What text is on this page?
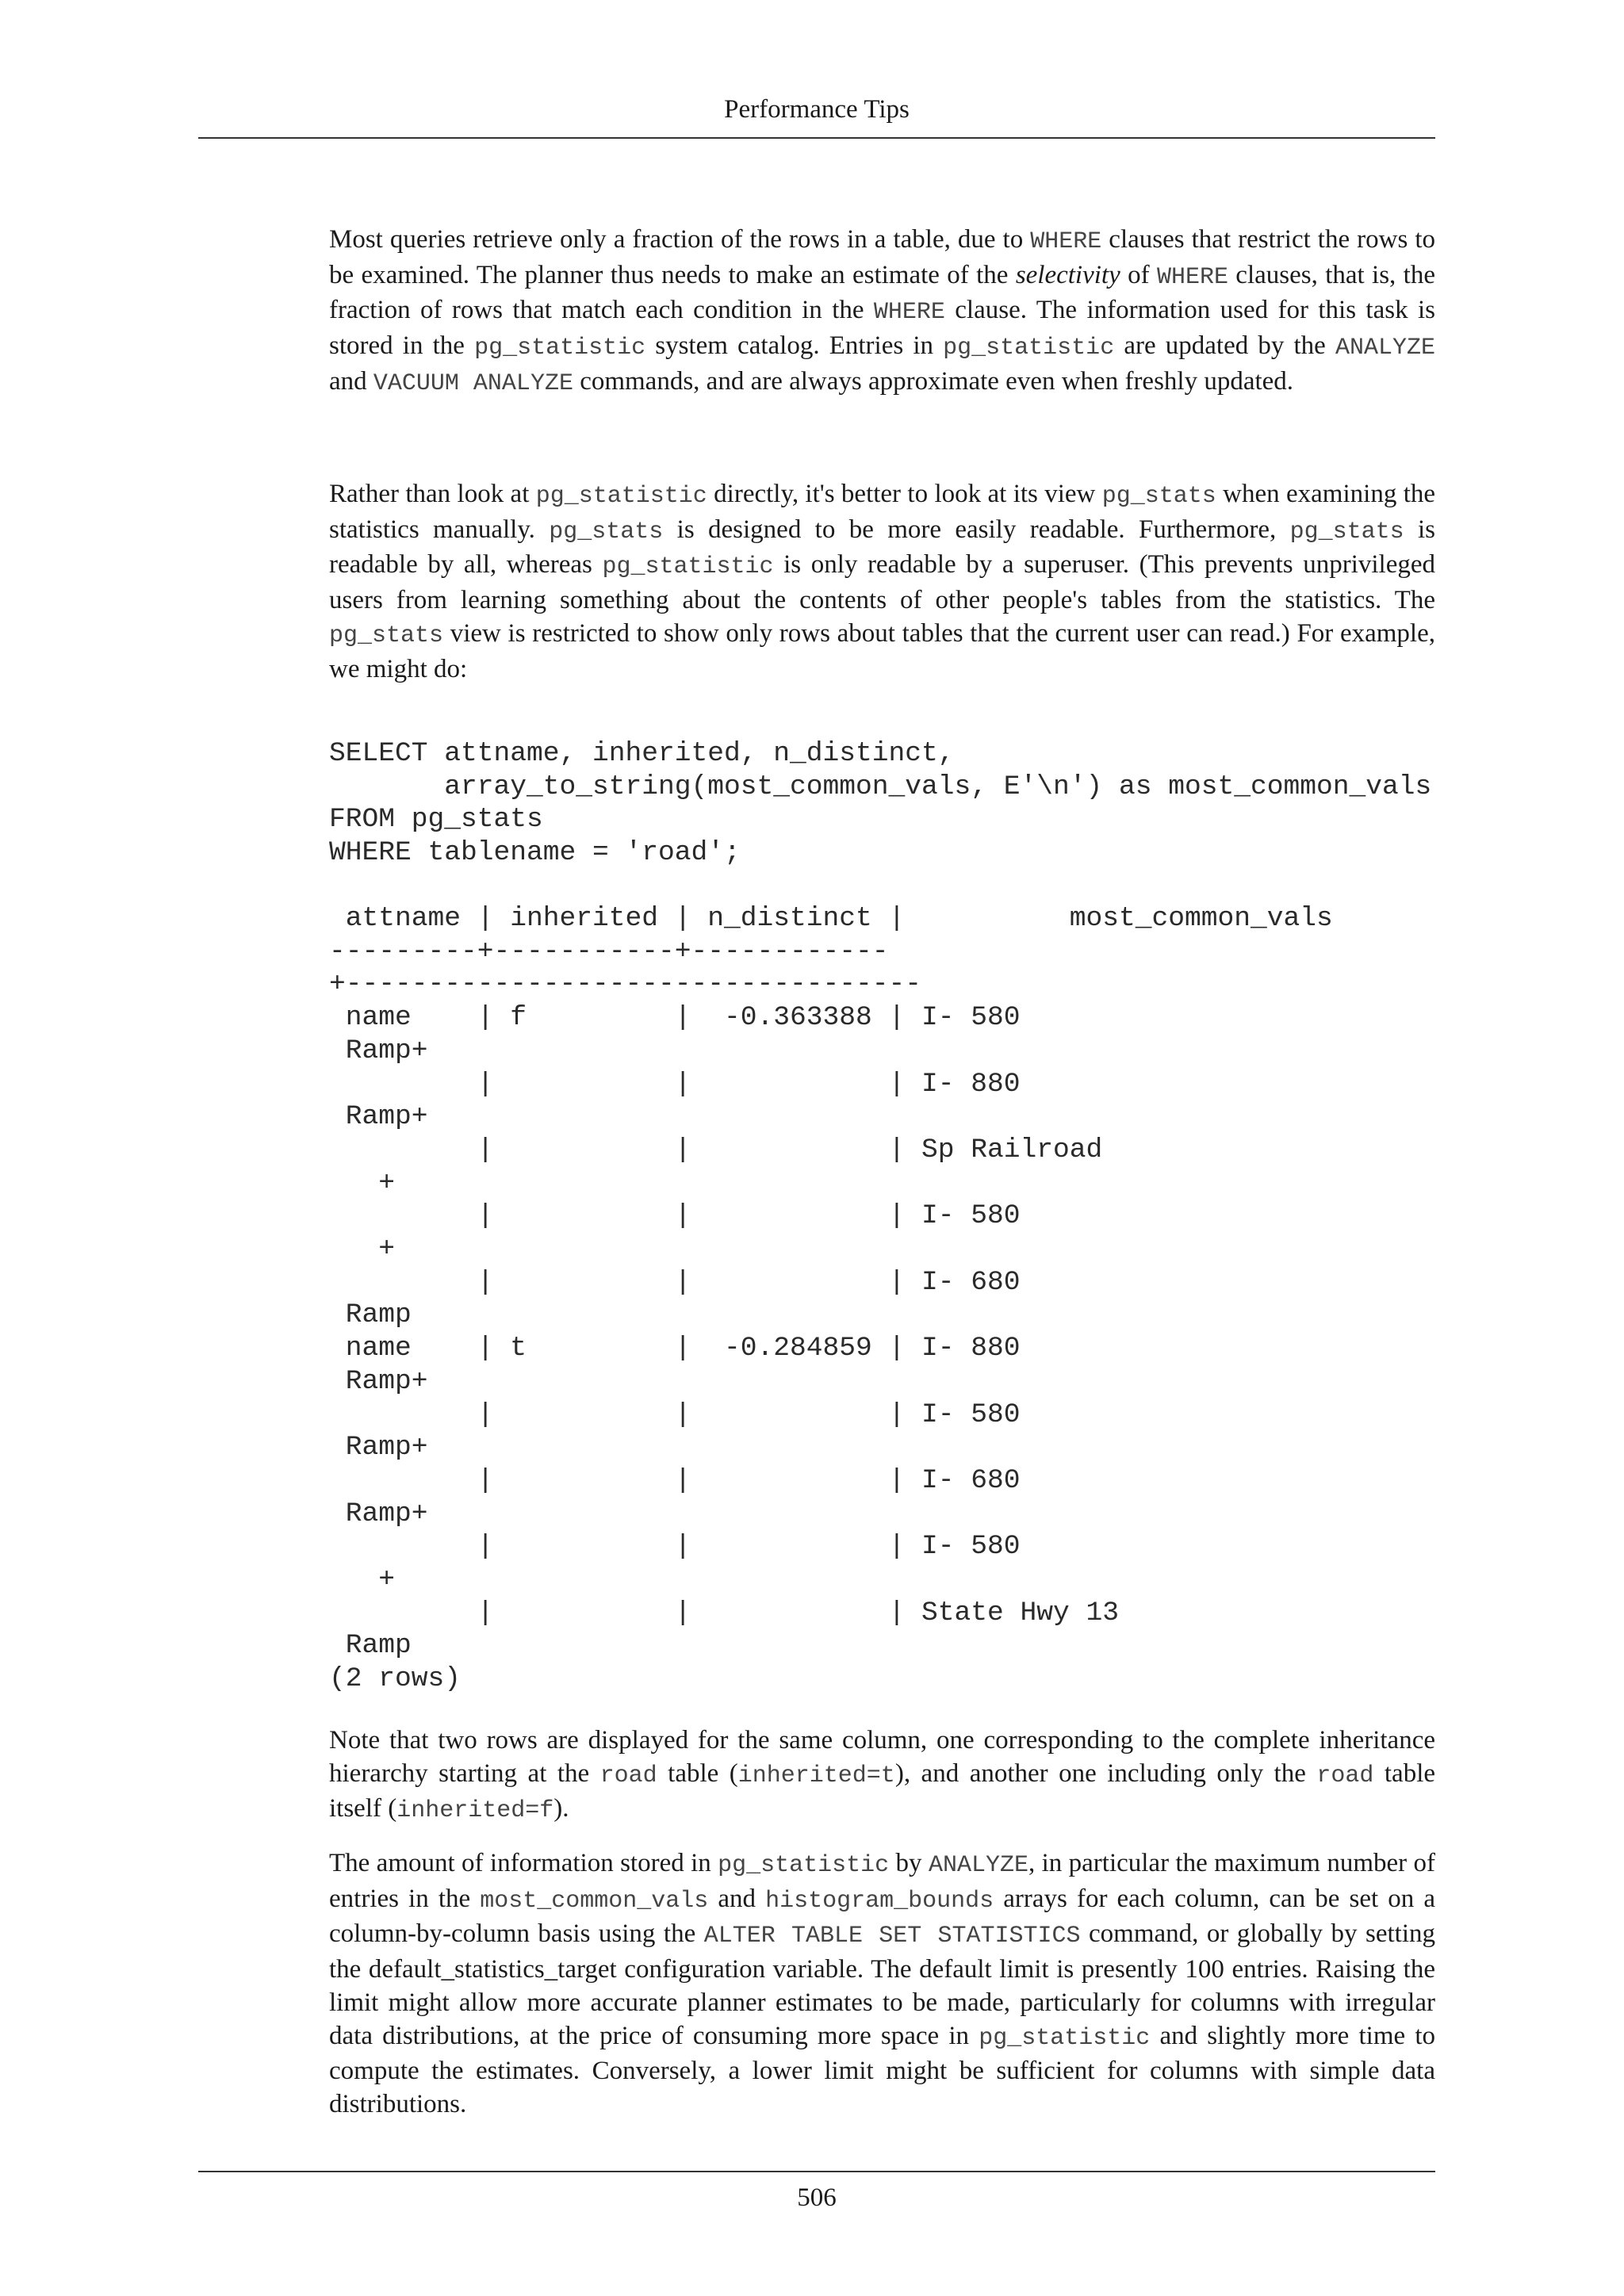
Performance Tips

Most queries retrieve only a fraction of the rows in a table, due to WHERE clauses that restrict the rows to be examined. The planner thus needs to make an estimate of the selectivity of WHERE clauses, that is, the fraction of rows that match each condition in the WHERE clause. The information used for this task is stored in the pg_statistic system catalog. Entries in pg_statistic are updated by the ANALYZE and VACUUM ANALYZE commands, and are always approximate even when freshly updated.

Rather than look at pg_statistic directly, it's better to look at its view pg_stats when examining the statistics manually. pg_stats is designed to be more easily readable. Furthermore, pg_stats is readable by all, whereas pg_statistic is only readable by a superuser. (This prevents unprivileged users from learning something about the contents of other people's tables from the statistics. The pg_stats view is restricted to show only rows about tables that the current user can read.) For example, we might do:

SELECT attname, inherited, n_distinct,
array_to_string(most_common_vals, E'\n') as most_common_vals
FROM pg_stats
WHERE tablename = 'road';
attname | inherited | n_distinct |          most_common_vals
---------+-----------+------------
+-----------------------------------
name    | f         |  -0.363388 | I- 580
Ramp+
|           |            | I- 880
Ramp+
|           |            | Sp Railroad
+
|           |            | I- 580
+
|           |            | I- 680
Ramp
name    | t         |  -0.284859 | I- 880
Ramp+
|           |            | I- 580
Ramp+
|           |            | I- 680
Ramp+
|           |            | I- 580
+
|           |            | State Hwy 13
Ramp
(2 rows)

Note that two rows are displayed for the same column, one corresponding to the complete inheritance hierarchy starting at the road table (inherited=t), and another one including only the road table itself (inherited=f).

The amount of information stored in pg_statistic by ANALYZE, in particular the maximum number of entries in the most_common_vals and histogram_bounds arrays for each column, can be set on a column-by-column basis using the ALTER TABLE SET STATISTICS command, or globally by setting the default_statistics_target configuration variable. The default limit is presently 100 entries. Raising the limit might allow more accurate planner estimates to be made, particularly for columns with irregular data distributions, at the price of consuming more space in pg_statistic and slightly more time to compute the estimates. Conversely, a lower limit might be sufficient for columns with simple data distributions.

506
